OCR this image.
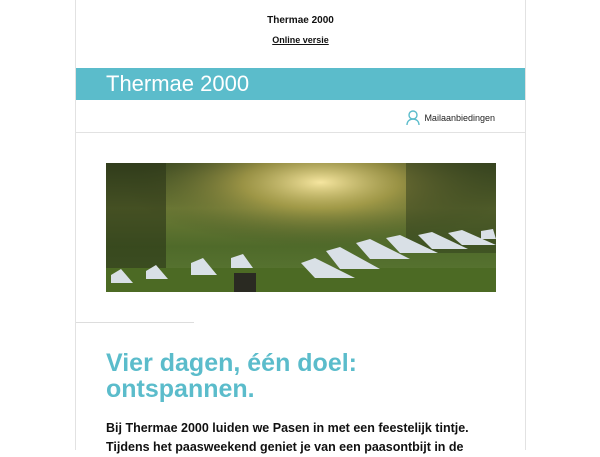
Thermae 2000
Online versie
Thermae 2000
Mailaanbiedingen
Vier dagen, één doel: ontspannen.

Bij Thermae 2000 luiden we Pasen in met een feestelijk tintje. Tijdens het paasweekend geniet je van een paasontbijt in de
